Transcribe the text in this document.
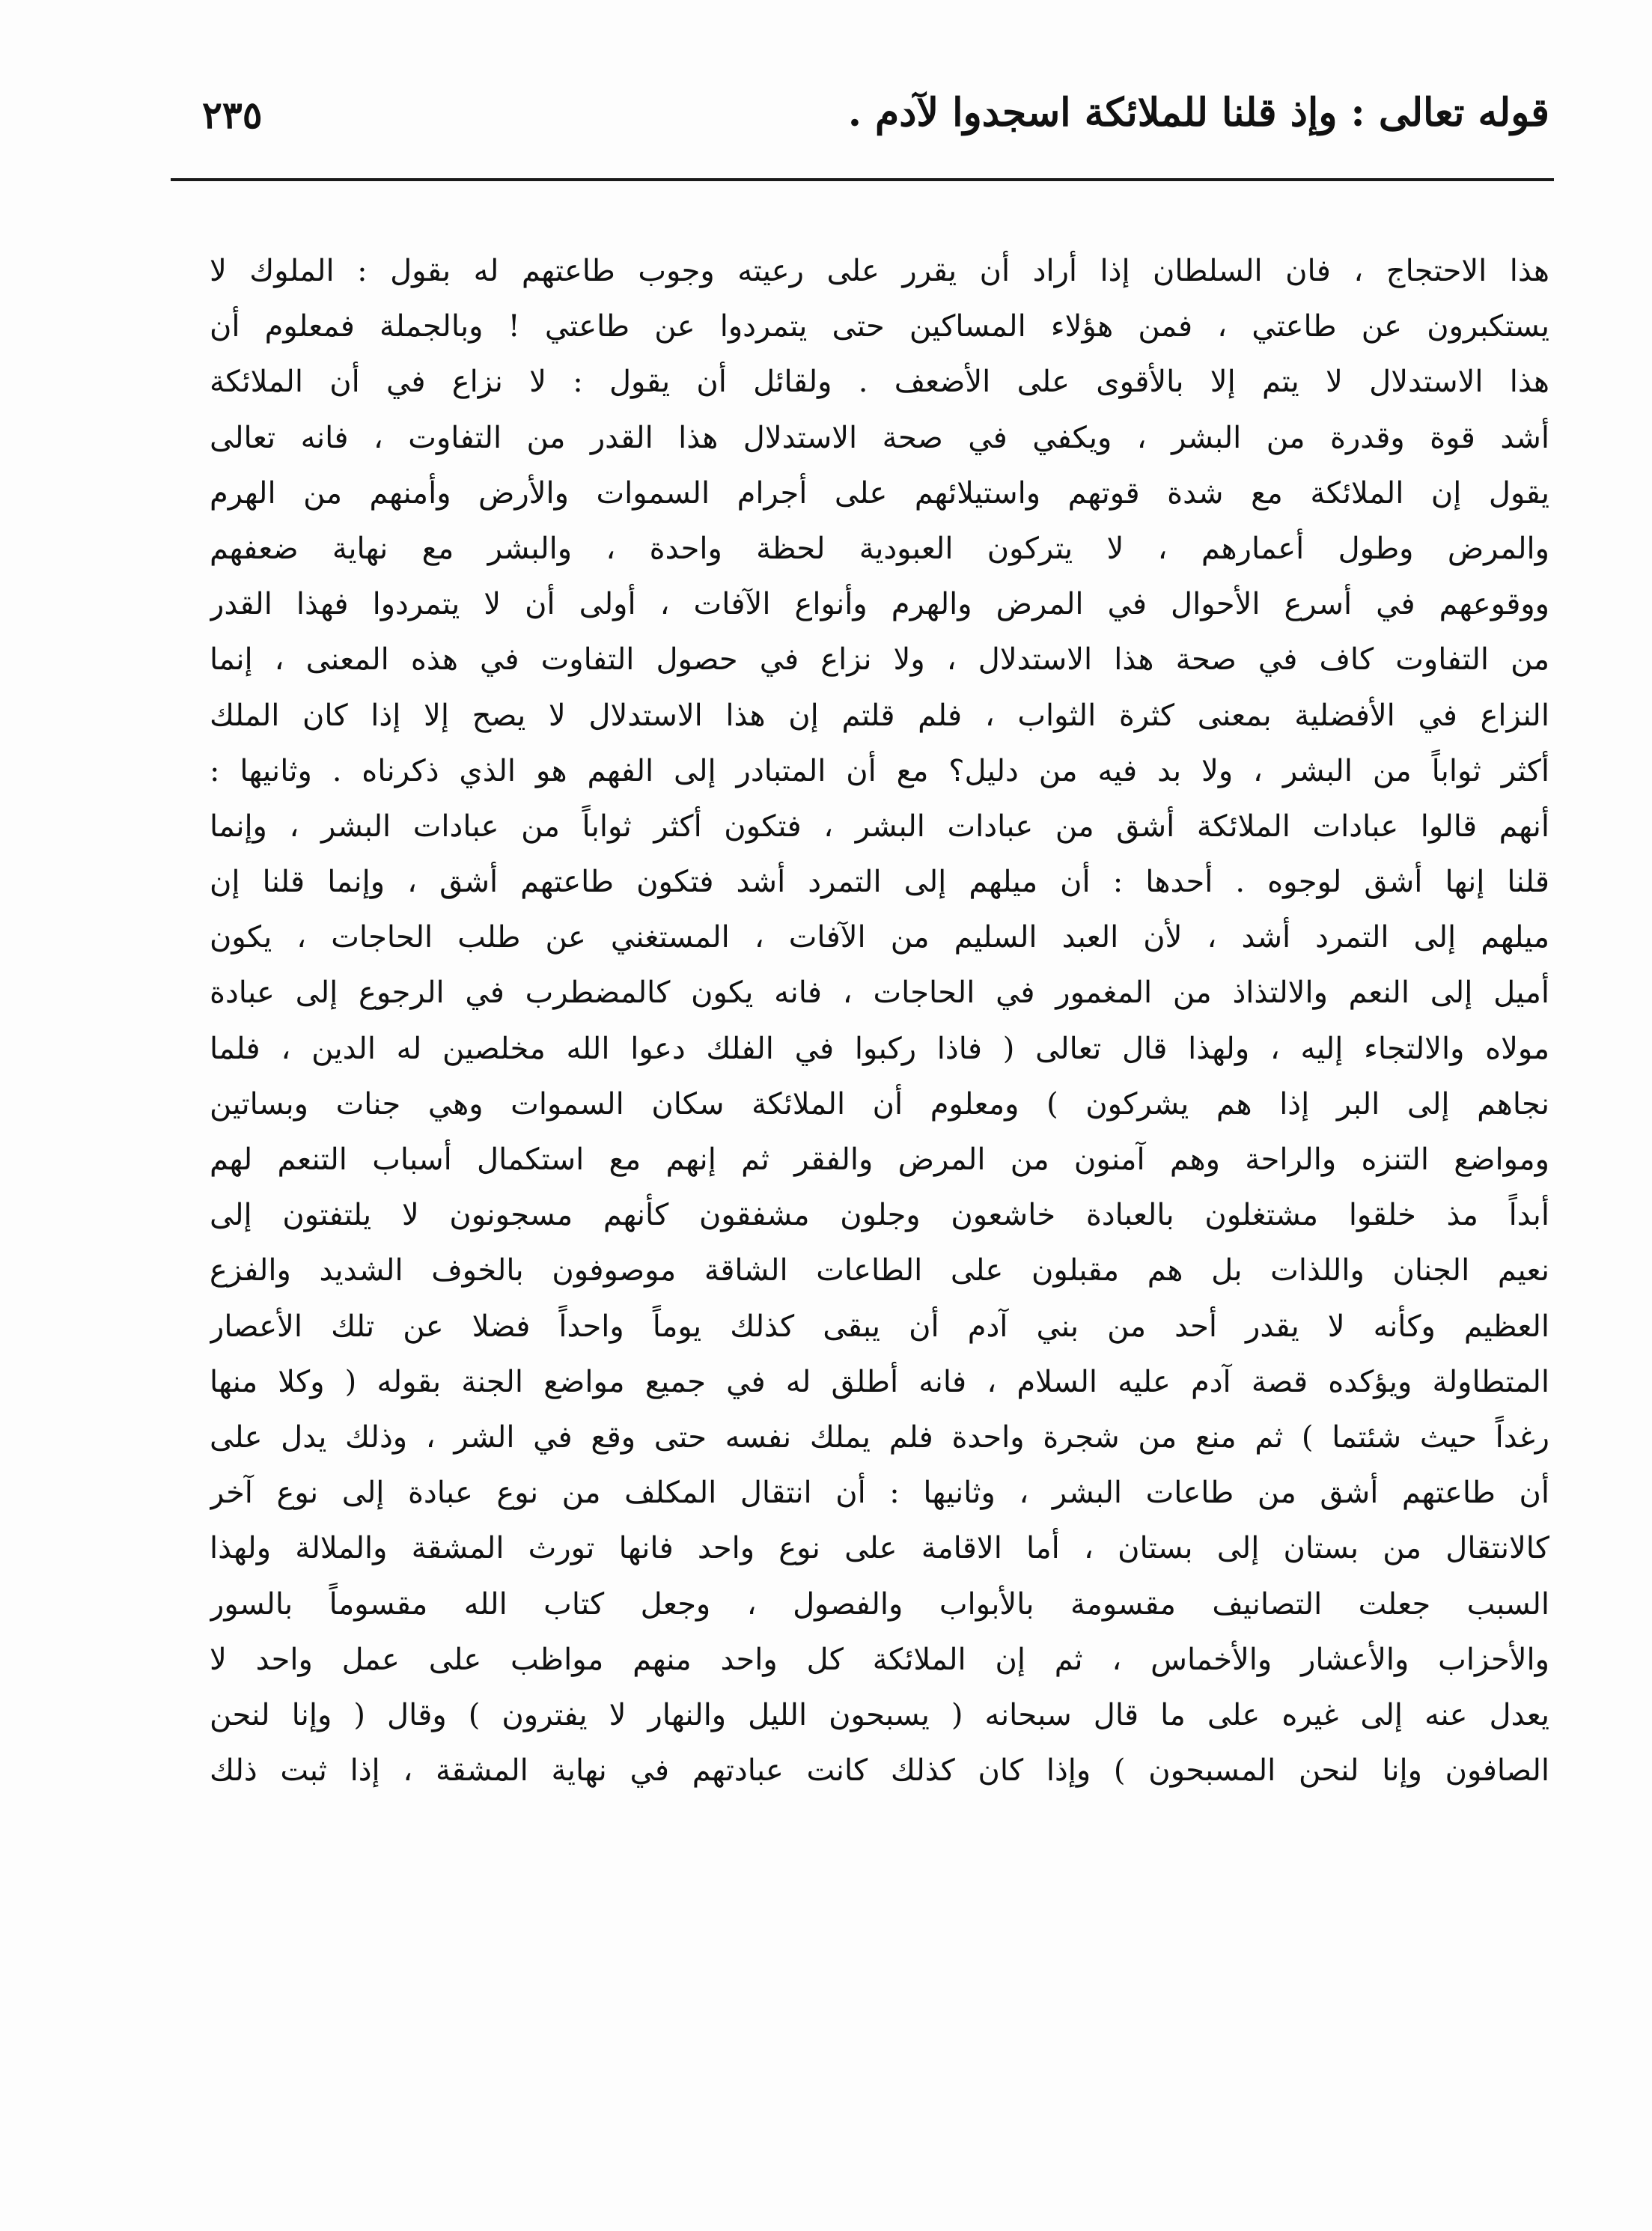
قوله تعالى : وإذ قلنا للملائكة اسجدوا لآدم .
٢٣٥
هذا الاحتجاج ، فان السلطان إذا أراد أن يقرر على رعيته وجوب طاعتهم له بقول : الملوك لا
يستكبرون عن طاعتي ، فمن هؤلاء المساكين حتى يتمردوا عن طاعتي ! وبالجملة فمعلوم أن
هذا الاستدلال لا يتم إلا بالأقوى على الأضعف . ولقائل أن يقول : لا نزاع في أن الملائكة
أشد قوة وقدرة من البشر ، ويكفي في صحة الاستدلال هذا القدر من التفاوت ، فانه تعالى
يقول إن الملائكة مع شدة قوتهم واستيلائهم على أجرام السموات والأرض وأمنهم من الهرم
والمرض وطول أعمارهم ، لا يتركون العبودية لحظة واحدة ، والبشر مع نهاية ضعفهم
ووقوعهم في أسرع الأحوال في المرض والهرم وأنواع الآفات ، أولى أن لا يتمردوا فهذا القدر
من التفاوت كاف في صحة هذا الاستدلال ، ولا نزاع في حصول التفاوت في هذه المعنى ، إنما
النزاع في الأفضلية بمعنى كثرة الثواب ، فلم قلتم إن هذا الاستدلال لا يصح إلا إذا كان الملك
أكثر ثواباً من البشر ، ولا بد فيه من دليل؟ مع أن المتبادر إلى الفهم هو الذي ذكرناه . وثانيها :
أنهم قالوا عبادات الملائكة أشق من عبادات البشر ، فتكون أكثر ثواباً من عبادات البشر ، وإنما
قلنا إنها أشق لوجوه . أحدها : أن ميلهم إلى التمرد أشد فتكون طاعتهم أشق ، وإنما قلنا إن
ميلهم إلى التمرد أشد ، لأن العبد السليم من الآفات ، المستغني عن طلب الحاجات ، يكون
أميل إلى النعم والالتذاذ من المغمور في الحاجات ، فانه يكون كالمضطرب في الرجوع إلى عبادة
مولاه والالتجاء إليه ، ولهذا قال تعالى ( فاذا ركبوا في الفلك دعوا الله مخلصين له الدين ، فلما
نجاهم إلى البر إذا هم يشركون ) ومعلوم أن الملائكة سكان السموات وهي جنات وبساتين
ومواضع التنزه والراحة وهم آمنون من المرض والفقر ثم إنهم مع استكمال أسباب التنعم لهم
أبداً مذ خلقوا مشتغلون بالعبادة خاشعون وجلون مشفقون كأنهم مسجونون لا يلتفتون إلى
نعيم الجنان واللذات بل هم مقبلون على الطاعات الشاقة موصوفون بالخوف الشديد والفزع
العظيم وكأنه لا يقدر أحد من بني آدم أن يبقى كذلك يوماً واحداً فضلا عن تلك الأعصار
المتطاولة ويؤكده قصة آدم عليه السلام ، فانه أطلق له في جميع مواضع الجنة بقوله ( وكلا منها
رغداً حيث شئتما ) ثم منع من شجرة واحدة فلم يملك نفسه حتى وقع في الشر ، وذلك يدل على
أن طاعتهم أشق من طاعات البشر ، وثانيها : أن انتقال المكلف من نوع عبادة إلى نوع آخر
كالانتقال من بستان إلى بستان ، أما الاقامة على نوع واحد فانها تورث المشقة والملالة ولهذا
السبب جعلت التصانيف مقسومة بالأبواب والفصول ، وجعل كتاب الله مقسوماً بالسور
والأحزاب والأعشار والأخماس ، ثم إن الملائكة كل واحد منهم مواظب على عمل واحد لا
يعدل عنه إلى غيره على ما قال سبحانه ( يسبحون الليل والنهار لا يفترون ) وقال ( وإنا لنحن
الصافون وإنا لنحن المسبحون ) وإذا كان كذلك كانت عبادتهم في نهاية المشقة ، إذا ثبت ذلك
